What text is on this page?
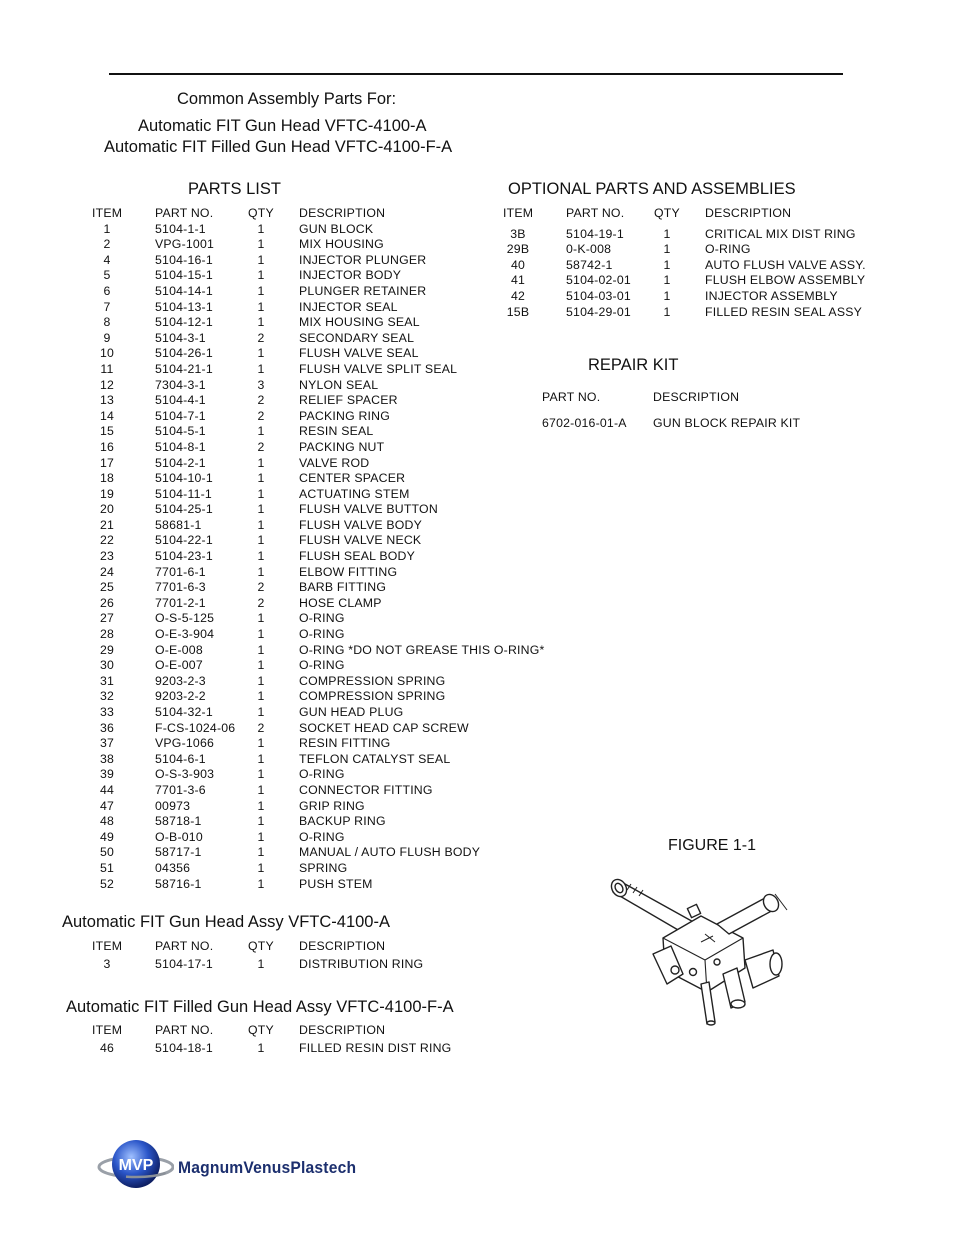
Common Assembly Parts For:
Automatic FIT Gun Head VFTC-4100-A
Automatic FIT Filled Gun Head VFTC-4100-F-A
PARTS LIST
ITEM	PART NO.	QTY DESCRIPTION
1	5104-1-1	1	GUN BLOCK
2	VPG-1001	1	MIX HOUSING
4	5104-16-1	1	INJECTOR PLUNGER
5	5104-15-1	1	INJECTOR BODY
6	5104-14-1	1	PLUNGER RETAINER
7	5104-13-1	1	INJECTOR SEAL
8	5104-12-1	1	MIX HOUSING SEAL
9	5104-3-1	2	SECONDARY SEAL
10	5104-26-1	1	FLUSH VALVE SEAL
11	5104-21-1	1	FLUSH VALVE SPLIT SEAL
12	7304-3-1	3	NYLON SEAL
13	5104-4-1	2	RELIEF SPACER
14	5104-7-1	2	PACKING RING
15	5104-5-1	1	RESIN SEAL
16	5104-8-1	2	PACKING NUT
17	5104-2-1	1	VALVE ROD
18	5104-10-1	1	CENTER SPACER
19	5104-11-1	1	ACTUATING STEM
20	5104-25-1	1	FLUSH VALVE BUTTON
21	58681-1	1	FLUSH VALVE BODY
22	5104-22-1	1	FLUSH VALVE NECK
23	5104-23-1	1	FLUSH SEAL BODY
24	7701-6-1	1	ELBOW FITTING
25	7701-6-3	2	BARB FITTING
26	7701-2-1	2	HOSE CLAMP
27	O-S-5-125	1	O-RING
28	O-E-3-904	1	O-RING
29	O-E-008	1	O-RING *DO NOT GREASE THIS O-RING*
30	O-E-007	1	O-RING
31	9203-2-3	1	COMPRESSION SPRING
32	9203-2-2	1	COMPRESSION SPRING
33	5104-32-1	1	GUN HEAD PLUG
36	F-CS-1024-06 2	SOCKET HEAD CAP SCREW
37	VPG-1066	1	RESIN FITTING
38	5104-6-1	1	TEFLON CATALYST SEAL
39	O-S-3-903	1	O-RING
44	7701-3-6	1	CONNECTOR FITTING
47	00973	1	GRIP RING
48	58718-1	1	BACKUP RING
49	O-B-010	1	O-RING
50	58717-1	1	MANUAL / AUTO FLUSH BODY
51	04356	1	SPRING
52	58716-1	1	PUSH STEM
OPTIONAL PARTS AND ASSEMBLIES
ITEM	PART NO. QTY DESCRIPTION
3B	5104-19-1	1	CRITICAL MIX DIST RING
29B	0-K-008	1	O-RING
40	58742-1	1	AUTO FLUSH VALVE ASSY.
41	5104-02-01	1	FLUSH ELBOW ASSEMBLY
42	5104-03-01	1	INJECTOR ASSEMBLY
15B	5104-29-01	1	FILLED RESIN SEAL ASSY
REPAIR KIT
PART NO.	DESCRIPTION
6702-016-01-A GUN BLOCK REPAIR KIT
FIGURE 1-1
Automatic FIT Gun Head Assy VFTC-4100-A
ITEM	PART NO.	QTY DESCRIPTION
3	5104-17-1	1	DISTRIBUTION RING
Automatic FIT Filled Gun Head Assy VFTC-4100-F-A
ITEM	PART NO.	QTY DESCRIPTION
46	5104-18-1	1	FILLED RESIN DIST RING
MVP MagnumVenusPlastech
